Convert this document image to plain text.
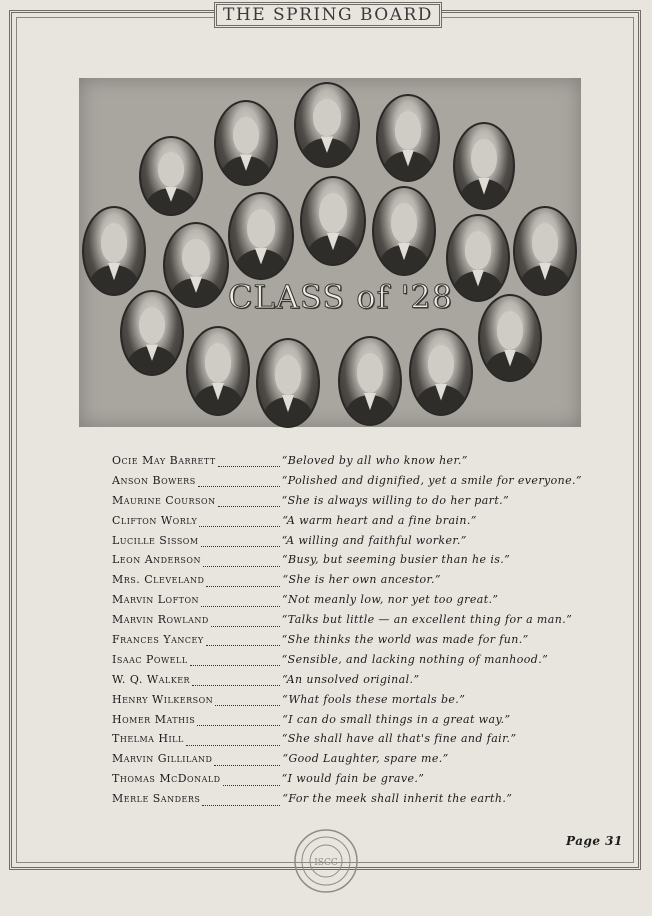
THE SPRING BOARD
CLASS of '28
Ocie May Barrett	“Beloved by all who know her.”
Anson Bowers	“Polished and dignified, yet a smile for everyone.”
Maurine Courson	“She is always willing to do her part.”
Clifton Worly	“A warm heart and a fine brain.”
Lucille Sissom	“A willing and faithful worker.”
Leon Anderson	“Busy, but seeming busier than he is.”
Mrs. Cleveland	“She is her own ancestor.”
Marvin Lofton	“Not meanly low, nor yet too great.”
Marvin Rowland	“Talks but little — an excellent thing for a man.”
Frances Yancey	“She thinks the world was made for fun.”
Isaac Powell	“Sensible, and lacking nothing of manhood.”
W. Q. Walker	“An unsolved original.”
Henry Wilkerson	“What fools these mortals be.”
Homer Mathis	“I can do small things in a great way.”
Thelma Hill	“She shall have all that's fine and fair.”
Marvin Gilliland	“Good Laughter, spare me.”
Thomas McDonald	“I would fain be grave.”
Merle Sanders	“For the meek shall inherit the earth.”
Page 31
ISCC
